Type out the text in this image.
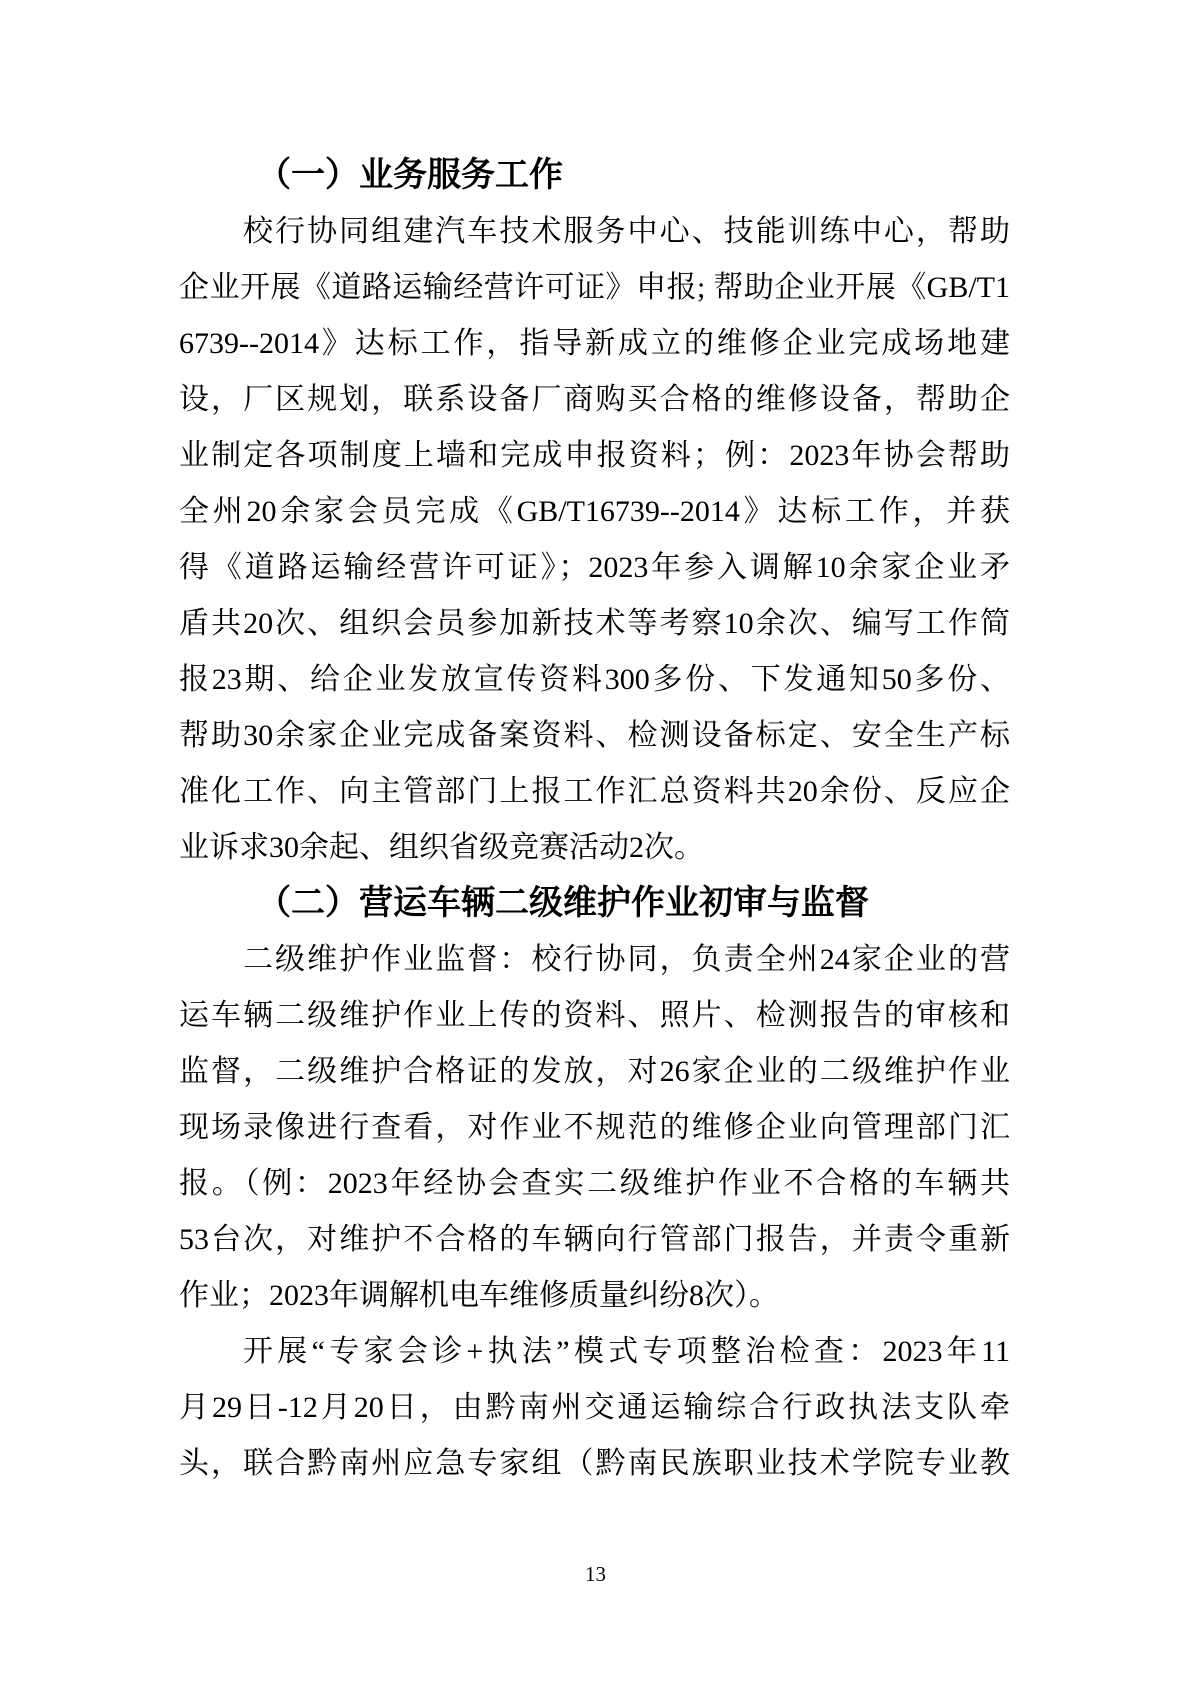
（一）业务服务工作
校行协同组建汽车技术服务中心、技能训练中心，帮助
企业开展《道路运输经营许可证》申报; 帮助企业开展《GB/T1
6739--2014》达标工作，指导新成立的维修企业完成场地建
设，厂区规划，联系设备厂商购买合格的维修设备，帮助企
业制定各项制度上墙和完成申报资料；例：2023年协会帮助
全州20余家会员完成《GB/T16739--2014》达标工作，并获
得《道路运输经营许可证》；2023年参入调解10余家企业矛
盾共20次、组织会员参加新技术等考察10余次、编写工作简
报23期、给企业发放宣传资料300多份、下发通知50多份、
帮助30余家企业完成备案资料、检测设备标定、安全生产标
准化工作、向主管部门上报工作汇总资料共20余份、反应企
业诉求30余起、组织省级竞赛活动2次。
（二）营运车辆二级维护作业初审与监督
二级维护作业监督：校行协同，负责全州24家企业的营
运车辆二级维护作业上传的资料、照片、检测报告的审核和
监督，二级维护合格证的发放，对26家企业的二级维护作业
现场录像进行查看，对作业不规范的维修企业向管理部门汇
报。（例：2023年经协会查实二级维护作业不合格的车辆共
53台次，对维护不合格的车辆向行管部门报告，并责令重新
作业；2023年调解机电车维修质量纠纷8次）。
开展“专家会诊+执法”模式专项整治检查：2023年11
月29日-12月20日，由黔南州交通运输综合行政执法支队牵
头，联合黔南州应急专家组（黔南民族职业技术学院专业教
13
